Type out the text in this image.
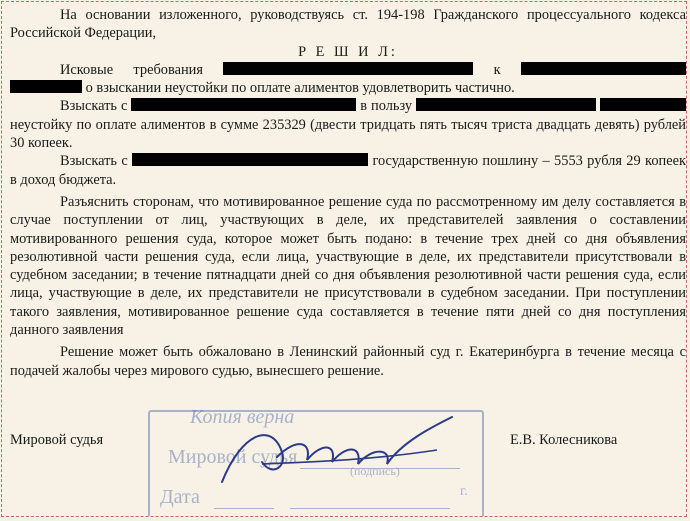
На основании изложенного, руководствуясь ст. 194-198 Гражданского процессуального кодекса Российской Федерации,

Р Е Ш И Л:

Исковые требования	к   о взыскании неустойки по оплате алиментов удовлетворить частично.

Взыскать с	в пользу   неустойку по оплате алиментов в сумме 235329 (двести тридцать пять тысяч триста двадцать девять) рублей 30 копеек.

Взыскать с	государственную пошлину – 5553 рубля 29 копеек в доход бюджета.

Разъяснить сторонам, что мотивированное решение суда по рассмотренному им делу составляется в случае поступлении от лиц, участвующих в деле, их представителей заявления о составлении мотивированного решения суда, которое может быть подано: в течение трех дней со дня объявления резолютивной части решения суда, если лица, участвующие в деле, их представители присутствовали в судебном заседании; в течение пятнадцати дней со дня объявления резолютивной части решения суда, если лица, участвующие в деле, их представители не присутствовали в судебном заседании. При поступлении такого заявления, мотивированное решение суда составляется в течение пяти дней со дня поступления данного заявления

Решение может быть обжаловано в Ленинский районный суд г. Екатеринбурга в течение месяца с подачей жалобы через мирового судью, вынесшего решение.

Мировой судья	Е.В. Колесникова
Копия верна
Мировой судья
(подпись)
Дата	г.
